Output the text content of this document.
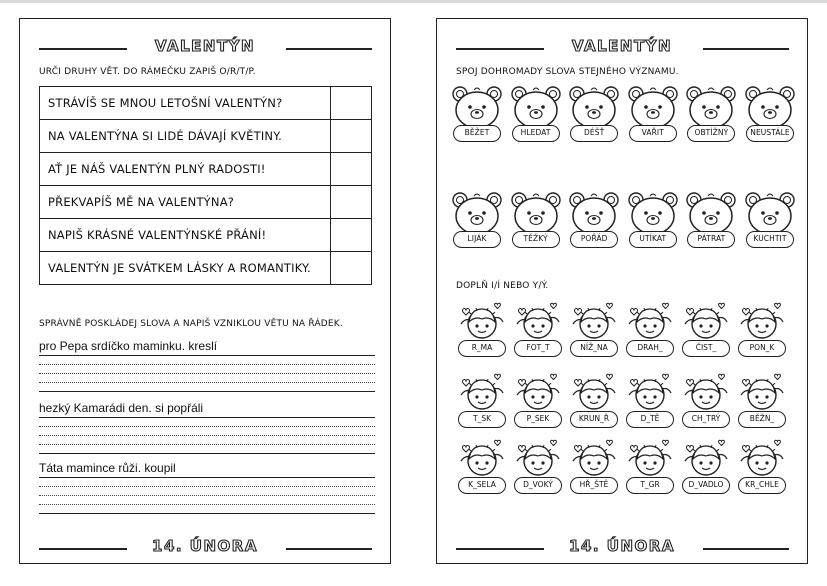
VALENTÝN
URČI DRUHY VĚT. DO RÁMEČKU ZAPIŠ O/R/T/P.
STRÁVÍŠ SE MNOU LETOŠNÍ VALENTÝN?	
NA VALENTÝNA SI LIDÉ DÁVAJÍ KVĚTINY.	
AŤ JE NÁŠ VALENTÝN PLNÝ RADOSTI!	
PŘEKVAPÍŠ MĚ NA VALENTÝNA?	
NAPIŠ KRÁSNÉ VALENTÝNSKÉ PŘÁNÍ!	
VALENTÝN JE SVÁTKEM LÁSKY A ROMANTIKY.	
SPRÁVNĚ POSKLÁDEJ SLOVA A NAPIŠ VZNIKLOU VĚTU NA ŘÁDEK.
pro Pepa srdíčko maminku. kreslí
hezký Kamarádi den. si popřáli
Táta mamince růži. koupil
14. ÚNORA
VALENTÝN
SPOJ DOHROMADY SLOVA STEJNÉHO VÝZNAMU.
BĚŽET	HLEDAT	DÉŠŤ	VAŘIT	OBTÍŽNÝ	NEUSTÁLE
LIJÁK	TĚŽKÝ	POŘÁD	UTÍKAT	PÁTRAT	KUCHTIT
DOPLŇ I/Í NEBO Y/Ý.
R_MA	FOT_T	NÍŽ_NA	DRAH_	ČIST_	PON_K
T_SK	P_SEK	KRUN_Ř	D_TĚ	CH_TRÝ	BĚŽN_
K_SELA	D_VOKÝ	HŘ_ŠTĚ	T_GR	D_VADLO	KR_CHLE
14. ÚNORA
